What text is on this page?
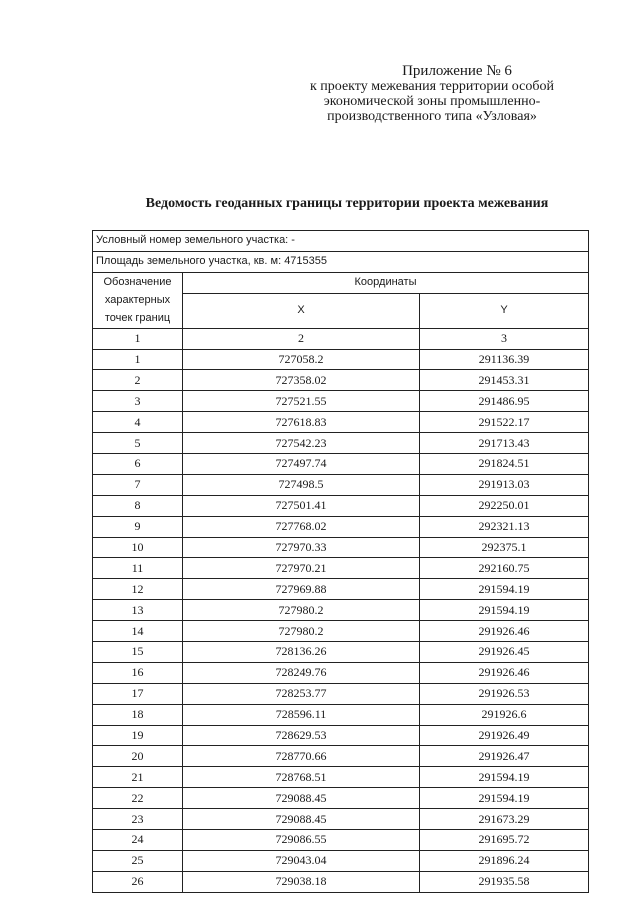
Приложение № 6
к проекту межевания территории особой
экономической зоны промышленно-
производственного типа «Узловая»
Ведомость геоданных границы территории проекта межевания
Условный номер земельного участка: -		
Площадь земельного участка, кв. м: 4715355		
Обозначение характерных точек границ	Координаты	
	X	Y
1	2	3
1	727058.2	291136.39
2	727358.02	291453.31
3	727521.55	291486.95
4	727618.83	291522.17
5	727542.23	291713.43
6	727497.74	291824.51
7	727498.5	291913.03
8	727501.41	292250.01
9	727768.02	292321.13
10	727970.33	292375.1
11	727970.21	292160.75
12	727969.88	291594.19
13	727980.2	291594.19
14	727980.2	291926.46
15	728136.26	291926.45
16	728249.76	291926.46
17	728253.77	291926.53
18	728596.11	291926.6
19	728629.53	291926.49
20	728770.66	291926.47
21	728768.51	291594.19
22	729088.45	291594.19
23	729088.45	291673.29
24	729086.55	291695.72
25	729043.04	291896.24
26	729038.18	291935.58
